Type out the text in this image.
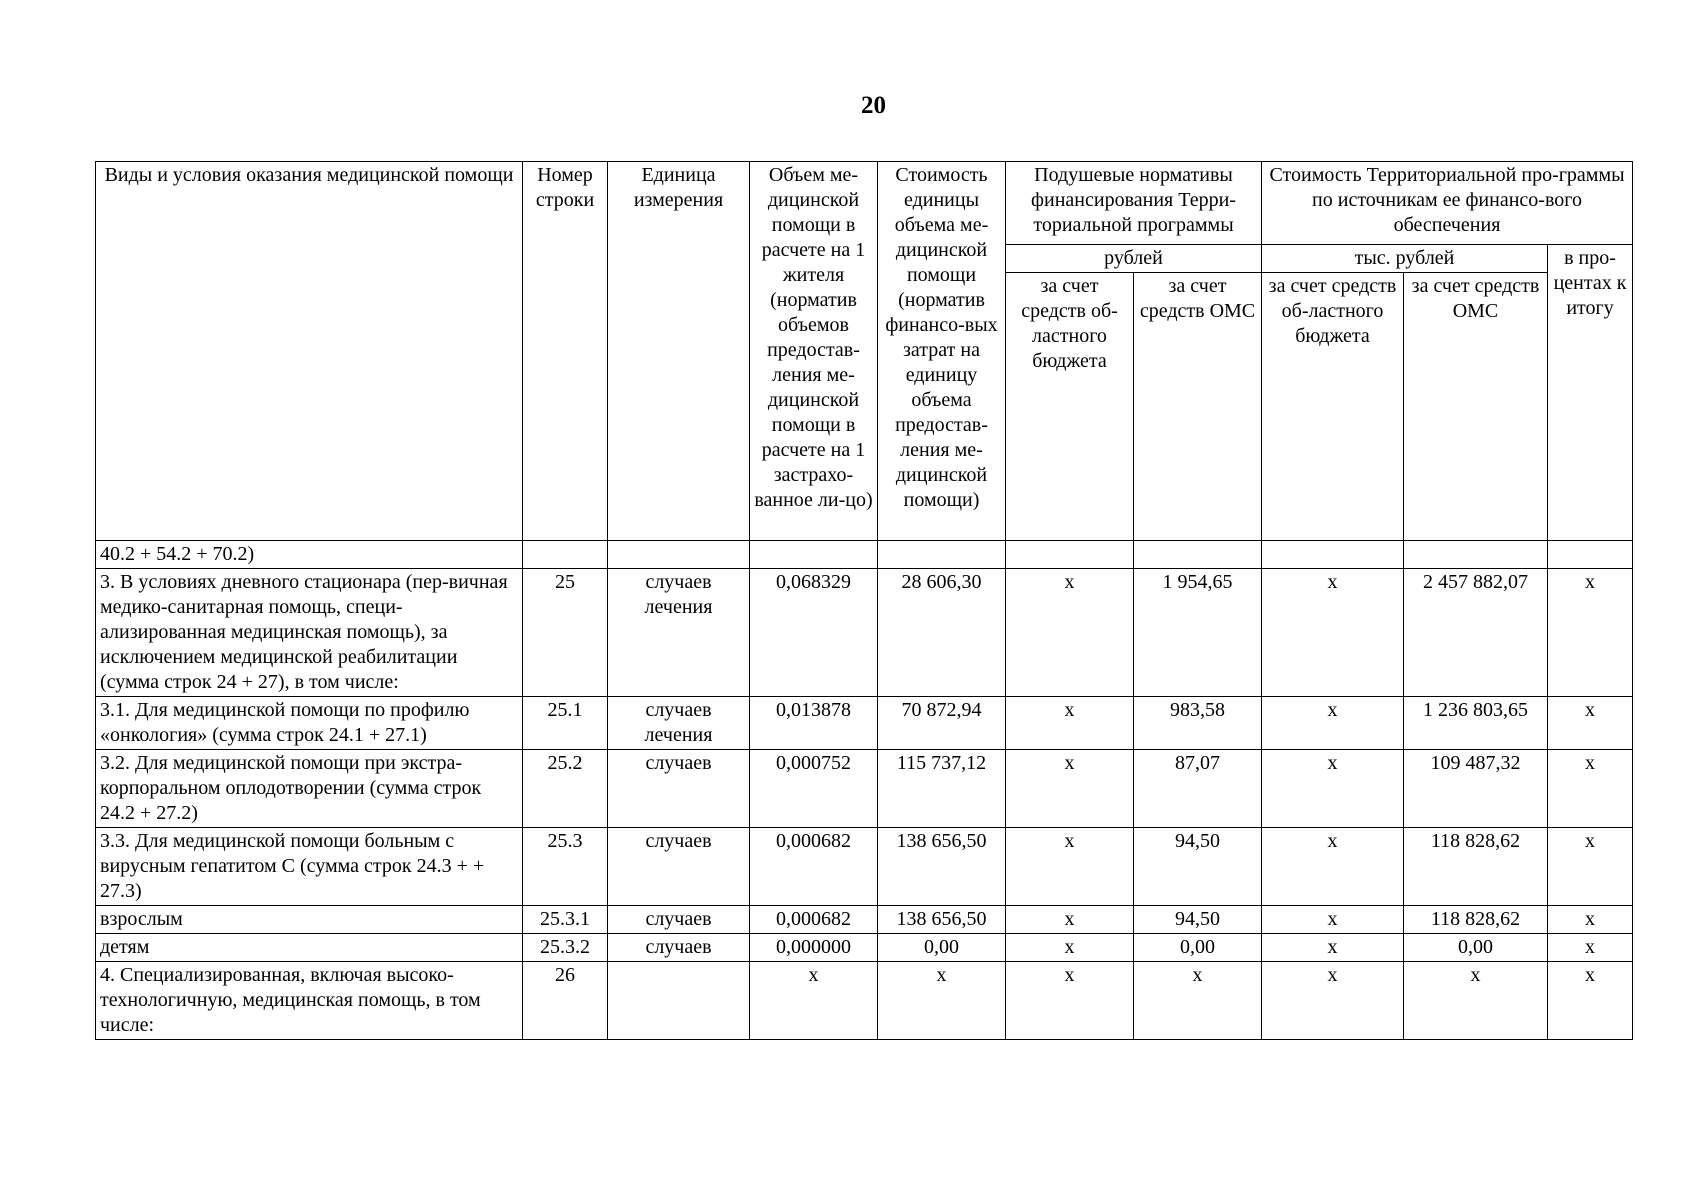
20
Виды и условия оказания медицинской помощи	Номер строки	Единица измерения	Объем ме-дицинской помощи в расчете на 1 жителя (норматив объемов предостав-ления ме-дицинской помощи в расчете на 1 застрахо-ванное ли-цо)	Стоимость единицы объема ме-дицинской помощи (норматив финансо-вых затрат на единицу объема предостав-ления ме-дицинской помощи)	Подушевые нормативы финансирования Терри-ториальной программы		Стоимость Территориальной про-граммы по источникам ее финансо-вого обеспечения		
					рублей		тыс. рублей		в про-центах к итогу
					за счет средств об-ластного бюджета	за счет средств ОМС	за счет средств об-ластного бюджета	за счет средств ОМС	
40.2 + 54.2 + 70.2)									
3. В условиях дневного стационара (пер-вичная медико-санитарная помощь, специ-ализированная медицинская помощь), за исключением медицинской реабилитации (сумма строк 24 + 27), в том числе:	25	случаев лечения	0,068329	28 606,30	х	1 954,65	х	2 457 882,07	х
3.1. Для медицинской помощи по профилю «онкология» (сумма строк 24.1 + 27.1)	25.1	случаев лечения	0,013878	70 872,94	х	983,58	х	1 236 803,65	х
3.2. Для медицинской помощи при экстра-корпоральном оплодотворении (сумма строк 24.2 + 27.2)	25.2	случаев	0,000752	115 737,12	х	87,07	х	109 487,32	х
3.3. Для медицинской помощи больным с вирусным гепатитом С (сумма строк 24.3 + + 27.3)	25.3	случаев	0,000682	138 656,50	х	94,50	х	118 828,62	х
взрослым	25.3.1	случаев	0,000682	138 656,50	х	94,50	х	118 828,62	х
детям	25.3.2	случаев	0,000000	0,00	х	0,00	х	0,00	х
4. Специализированная, включая высоко-технологичную, медицинская помощь, в том числе:	26		х	х	х	х	х	х	х
